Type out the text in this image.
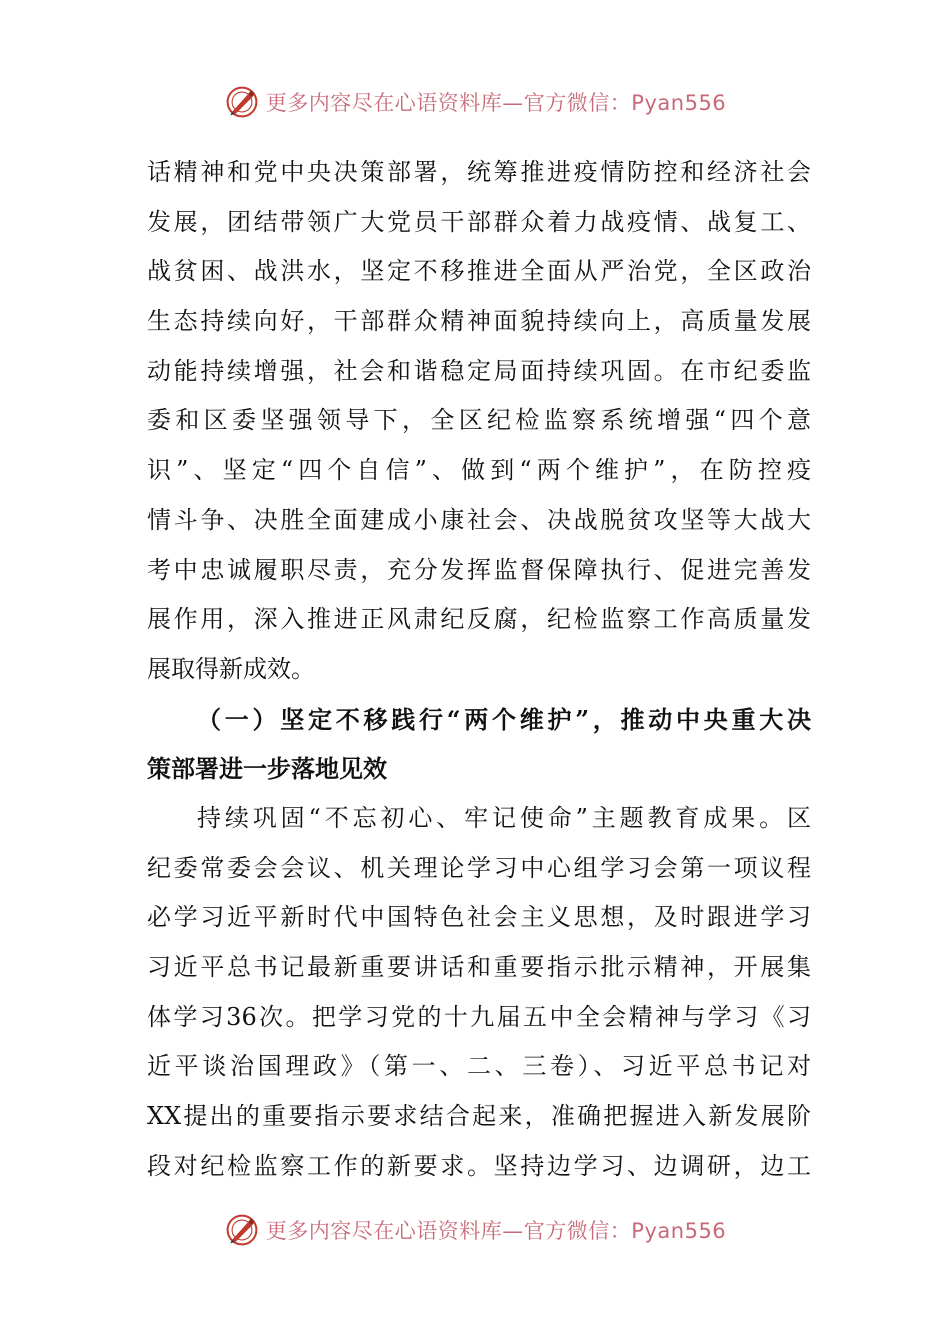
更多内容尽在心语资料库—官方微信：Pyan556
话精神和党中央决策部署，统筹推进疫情防控和经济社会
发展，团结带领广大党员干部群众着力战疫情、战复工、
战贫困、战洪水，坚定不移推进全面从严治党，全区政治
生态持续向好，干部群众精神面貌持续向上，高质量发展
动能持续增强，社会和谐稳定局面持续巩固。在市纪委监
委和区委坚强领导下，全区纪检监察系统增强“四个意
识”、坚定“四个自信”、做到“两个维护”，在防控疫
情斗争、决胜全面建成小康社会、决战脱贫攻坚等大战大
考中忠诚履职尽责，充分发挥监督保障执行、促进完善发
展作用，深入推进正风肃纪反腐，纪检监察工作高质量发
展取得新成效。
（一）坚定不移践行“两个维护”，推动中央重大决
策部署进一步落地见效
持续巩固“不忘初心、牢记使命”主题教育成果。区
纪委常委会会议、机关理论学习中心组学习会第一项议程
必学习近平新时代中国特色社会主义思想，及时跟进学习
习近平总书记最新重要讲话和重要指示批示精神，开展集
体学习36次。把学习党的十九届五中全会精神与学习《习
近平谈治国理政》（第一、二、三卷）、习近平总书记对
XX提出的重要指示要求结合起来，准确把握进入新发展阶
段对纪检监察工作的新要求。坚持边学习、边调研，边工
更多内容尽在心语资料库—官方微信：Pyan556
